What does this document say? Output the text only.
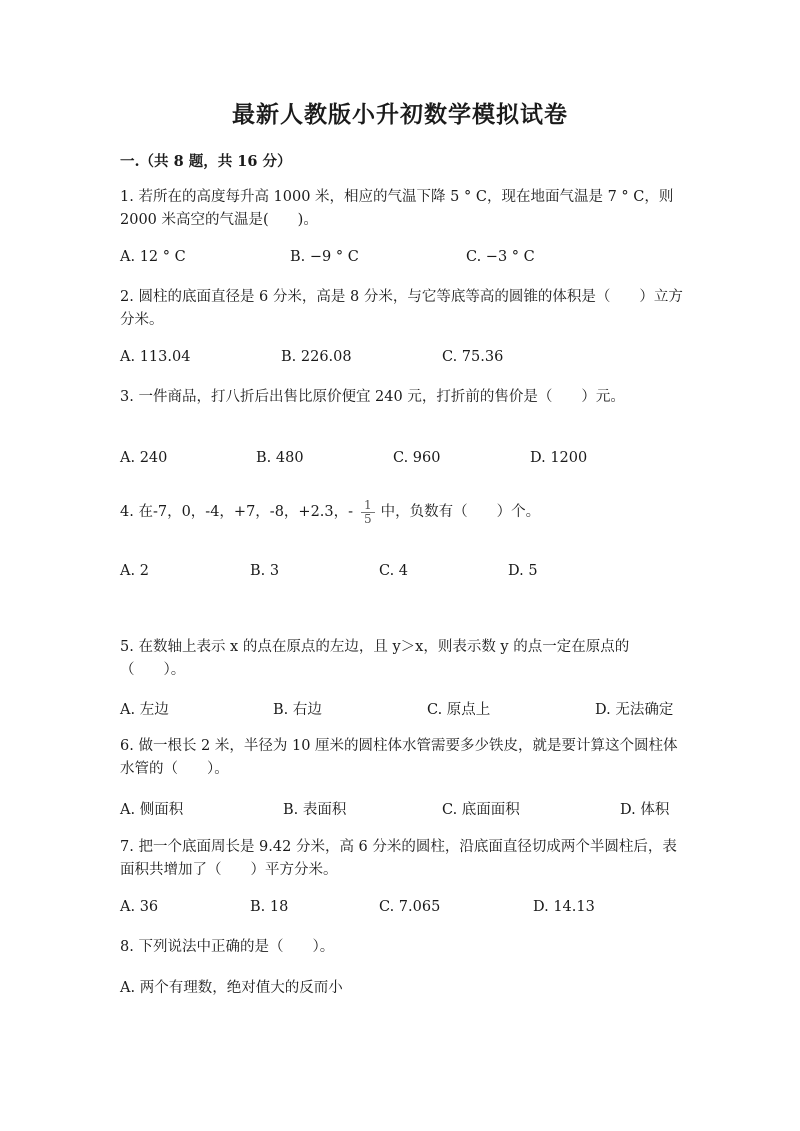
最新人教版小升初数学模拟试卷
一.（共 8 题，共 16 分）
1. 若所在的高度每升高 1000 米，相应的气温下降 5 ° C，现在地面气温是 7 ° C，则 2000 米高空的气温是(　　)。
A. 12 ° C	B. −9 ° C	C. −3 ° C
2. 圆柱的底面直径是 6 分米，高是 8 分米，与它等底等高的圆锥的体积是（　　）立方分米。
A. 113.04	B. 226.08	C. 75.36
3. 一件商品，打八折后出售比原价便宜 240 元，打折前的售价是（　　）元。
A. 240	B. 480	C. 960	D. 1200
4. 在-7，0，-4，+7，-8，+2.3，- $\frac{1}{5}$ 中，负数有（　　）个。
A. 2	B. 3	C. 4	D. 5
5. 在数轴上表示 x 的点在原点的左边，且 y＞x，则表示数 y 的点一定在原点的（　　）。
A. 左边	B. 右边	C. 原点上	D. 无法确定
6. 做一根长 2 米，半径为 10 厘米的圆柱体水管需要多少铁皮，就是要计算这个圆柱体水管的（　　）。
A. 侧面积	B. 表面积	C. 底面面积	D. 体积
7. 把一个底面周长是 9.42 分米，高 6 分米的圆柱，沿底面直径切成两个半圆柱后，表面积共增加了（　　）平方分米。
A. 36	B. 18	C. 7.065	D. 14.13
8. 下列说法中正确的是（　　）。
A. 两个有理数，绝对值大的反而小
